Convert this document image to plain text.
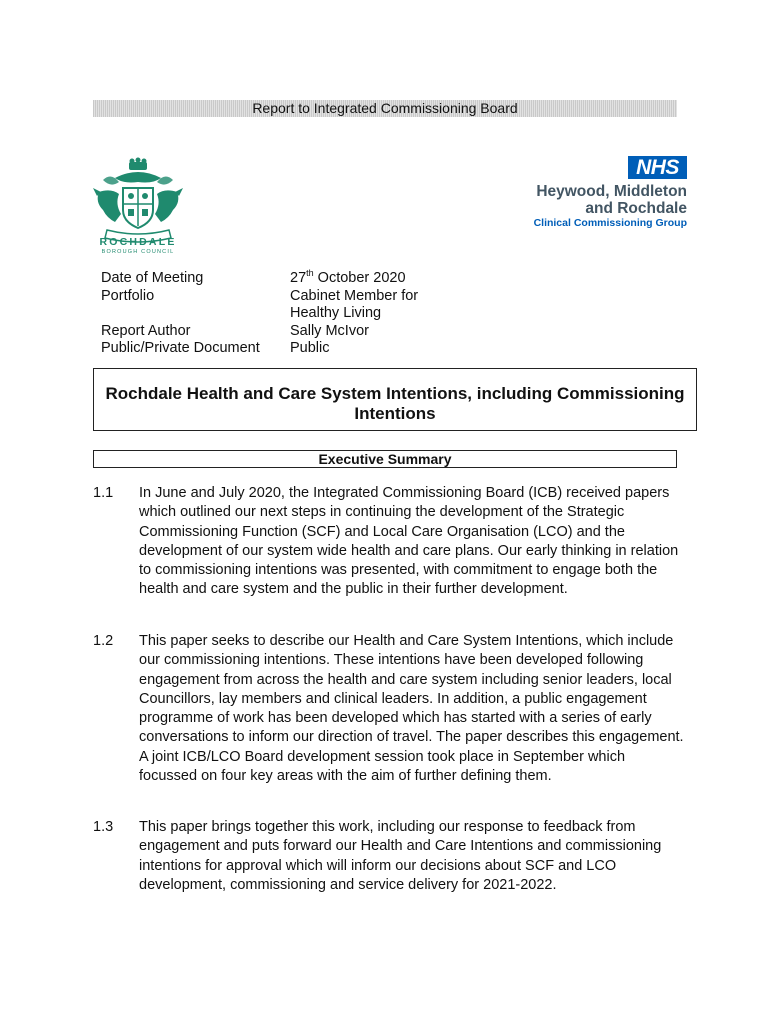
Report to Integrated Commissioning Board
ROCHDALE
BOROUGH COUNCIL
NHS
Heywood, Middleton
and Rochdale
Clinical Commissioning Group
Date of Meeting	27th October 2020
Portfolio	Cabinet Member for Healthy Living
Report Author	Sally McIvor
Public/Private Document	Public
Rochdale Health and Care System Intentions, including Commissioning Intentions
Executive Summary
1.1	In June and July 2020, the Integrated Commissioning Board (ICB) received papers which outlined our next steps in continuing the development of the Strategic Commissioning Function (SCF) and Local Care Organisation (LCO) and the development of our system wide health and care plans. Our early thinking in relation to commissioning intentions was presented, with commitment to engage both the health and care system and the public in their further development.
1.2	This paper seeks to describe our Health and Care System Intentions, which include our commissioning intentions. These intentions have been developed following engagement from across the health and care system including senior leaders, local Councillors, lay members and clinical leaders. In addition, a public engagement programme of work has been developed which has started with a series of early conversations to inform our direction of travel. The paper describes this engagement. A joint ICB/LCO Board development session took place in September which focussed on four key areas with the aim of further defining them.
1.3	This paper brings together this work, including our response to feedback from engagement and puts forward our Health and Care Intentions and commissioning intentions for approval which will inform our decisions about SCF and LCO development, commissioning and service delivery for 2021-2022.
